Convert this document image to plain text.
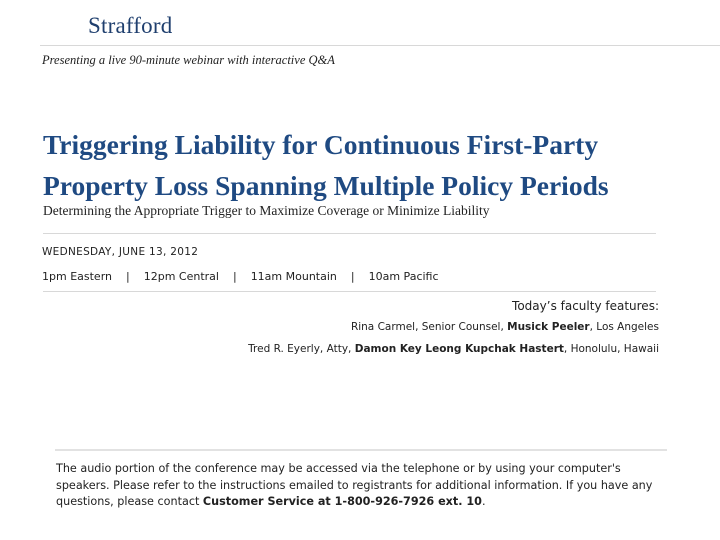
Strafford
Presenting a live 90-minute webinar with interactive Q&A
Triggering Liability for Continuous First-Party Property Loss Spanning Multiple Policy Periods
Determining the Appropriate Trigger to Maximize Coverage or Minimize Liability
WEDNESDAY, JUNE 13, 2012
1pm Eastern | 12pm Central | 11am Mountain | 10am Pacific
Today’s faculty features:
Rina Carmel, Senior Counsel, Musick Peeler, Los Angeles
Tred R. Eyerly, Atty, Damon Key Leong Kupchak Hastert, Honolulu, Hawaii

The audio portion of the conference may be accessed via the telephone or by using your computer's speakers. Please refer to the instructions emailed to registrants for additional information. If you have any questions, please contact Customer Service at 1-800-926-7926 ext. 10.
